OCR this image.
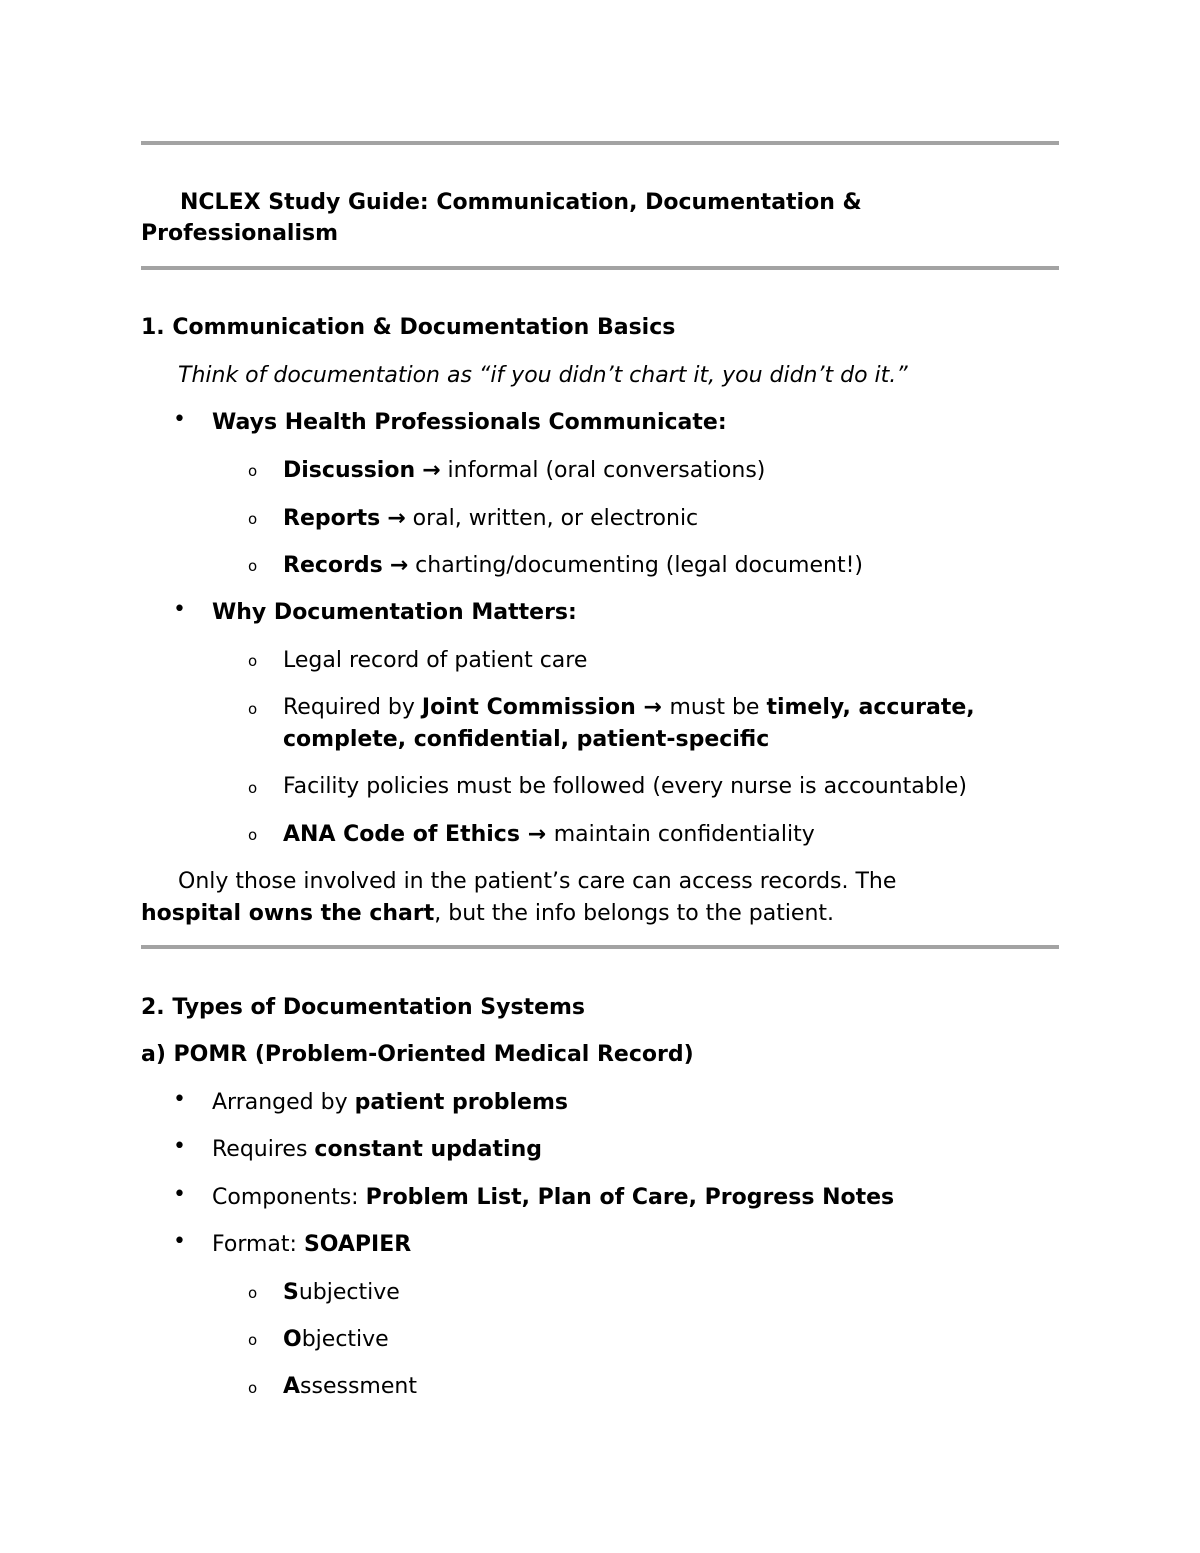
NCLEX Study Guide: Communication, Documentation &
Professionalism
1. Communication & Documentation Basics
Think of documentation as “if you didn’t chart it, you didn’t do it.”
• Ways Health Professionals Communicate:
o Discussion → informal (oral conversations)
o Reports → oral, written, or electronic
o Records → charting/documenting (legal document!)
• Why Documentation Matters:
o Legal record of patient care
o Required by Joint Commission → must be timely, accurate,
complete, confidential, patient-specific
o Facility policies must be followed (every nurse is accountable)
o ANA Code of Ethics → maintain confidentiality
Only those involved in the patient’s care can access records. The
hospital owns the chart, but the info belongs to the patient.
2. Types of Documentation Systems
a) POMR (Problem-Oriented Medical Record)
• Arranged by patient problems
• Requires constant updating
• Components: Problem List, Plan of Care, Progress Notes
• Format: SOAPIER
o Subjective
o Objective
o Assessment
